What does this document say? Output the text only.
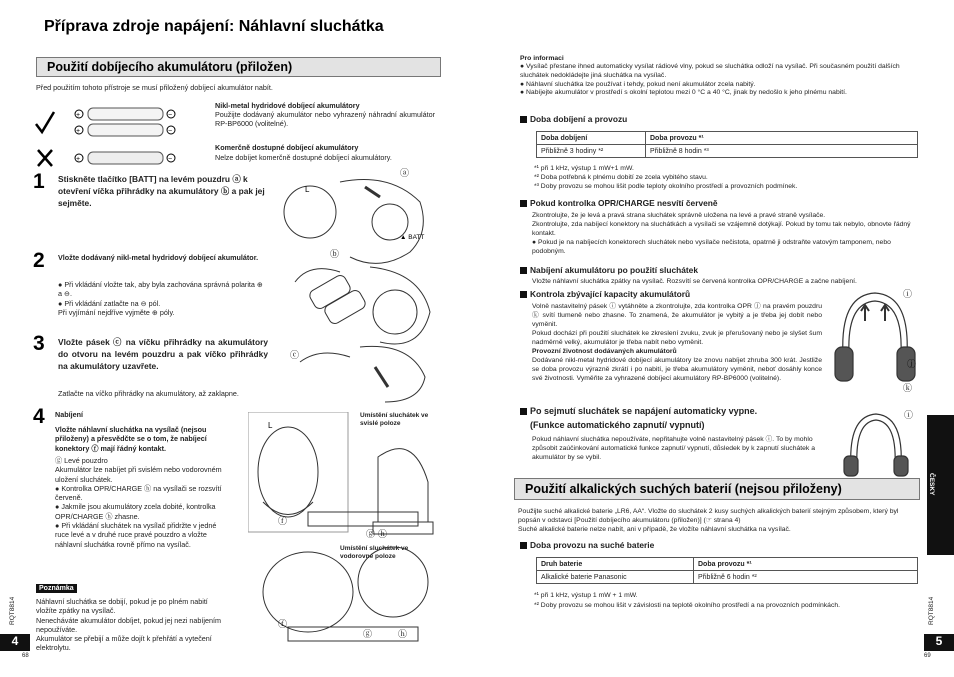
Příprava zdroje napájení: Náhlavní sluchátka
Použití dobíjecího akumulátoru (přiložen)
Před použitím tohoto přístroje se musí přiložený dobíjecí akumulátor nabít.
+
+
−
−
+	−
Nikl-metal hydridové dobíjecí akumulátory
Použijte dodávaný akumulátor nebo vyhrazený náhradní akumulátor RP-BP6000 (volitelné).
Komerčně dostupné dobíjecí akumulátory
Nelze dobíjet komerčně dostupné dobíjecí akumulátory.
1 Stiskněte tlačítko [BATT] na levém pouzdru ⓐ k otevření víčka přihrádky na akumulátory ⓑ a pak jej sejměte.
2 Vložte dodávaný nikl-metal hydridový dobíjecí akumulátor.
● Při vkládání vložte tak, aby byla zachována správná polarita ⊕ a ⊖.
● Při vkládání zatlačte na ⊖ pól.
Při vyjímání nejdříve vyjměte ⊕ póly.
3 Vložte pásek ⓒ na víčku přihrádky na akumulátory do otvoru na levém pouzdru a pak víčko přihrádky na akumulátory uzavřete.
Zatlačte na víčko přihrádky na akumulátory, až zaklapne.
L
ⓐ
▲ BATT
ⓑ
ⓒ
4 Nabíjení
Vložte náhlavní sluchátka na vysílač (nejsou přiloženy) a přesvědčte se o tom, že nabíjecí konektory ⓕ mají řádný kontakt.
ⓖ Levé pouzdro
Akumulátor lze nabíjet při svislém nebo vodorovném uložení sluchátek.
● Kontrolka OPR/CHARGE ⓗ na vysílači se rozsvítí červeně.
● Jakmile jsou akumulátory zcela dobité, kontrolka OPR/CHARGE ⓗ zhasne.
● Při vkládání sluchátek na vysílač přidržte v jedné ruce levé a v druhé ruce pravé pouzdro a vložte náhlavní sluchátka rovně přímo na vysílač.
Umístění sluchátek ve svislé poloze
Umístění sluchátek ve vodorovné poloze
L
ⓕ
ⓖ ⓗ
ⓕ
ⓖ	ⓗ
Poznámka
Náhlavní sluchátka se dobijí, pokud je po plném nabití vložíte zpátky na vysílač.
Nenecháváte akumulátor dobíjet, pokud jej nezi nabíjením nepoužíváte.
Akumulátor se přebijí a může dojít k přehřátí a vytečení elektrolytu.
4
68
RQT8814
Pro informaci
● Vysílač přestane ihned automaticky vysílat rádiové vlny, pokud se sluchátka odloží na vysílač. Při současném použití dalších sluchátek nedokládejte jiná sluchátka na vysílač.
● Náhlavní sluchátka lze používat i tehdy, pokud není akumulátor zcela nabitý.
● Nabíjejte akumulátor v prostředí s okolní teplotou mezi 0 °C a 40 °C, jinak by nedošlo k jeho plnému nabití.
Doba dobíjení a provozu
Doba dobíjení	Doba provozu *¹
Přibližně 3 hodiny *²	Přibližně 8 hodin *³
*¹ při 1 kHz, výstup 1 mW+1 mW.
*² Doba potřebná k plnému dobití ze zcela vybitého stavu.
*³ Doby provozu se mohou lišit podle teploty okolního prostředí a provozních podmínek.
Pokud kontrolka OPR/CHARGE nesvítí červeně
Zkontrolujte, že je levá a pravá strana sluchátek správně uložena na levé a pravé straně vysílače.
Zkontrolujte, zda nabíjecí konektory na sluchátkách a vysílači se vzájemně dotýkají. Pokud by tomu tak nebylo, obnovte řádný kontakt.
● Pokud je na nabíjecích konektorech sluchátek nebo vysílače nečistota, opatrně ji odstraňte vatovým tamponem, nebo podobným.
Nabíjení akumulátoru po použití sluchátek
Vložte náhlavní sluchátka zpátky na vysílač. Rozsvítí se červená kontrolka OPR/CHARGE a začne nabíjení.
Kontrola zbývající kapacity akumulátorů
Volně nastavitelný pásek ⓘ vytáhněte a zkontrolujte, zda kontrolka OPR ⓙ na pravém pouzdru ⓚ svítí tlumeně nebo zhasne. To znamená, že akumulátor je vybitý a je třeba jej dobít nebo vyměnit.
Pokud dochází při použití sluchátek ke zkreslení zvuku, zvuk je přerušovaný nebo je slyšet šum nadměrně velký, akumulátor je třeba nabít nebo vyměnit.
Provozní životnost dodávaných akumulátorů
Dodávané nikl-metal hydridové dobíjecí akumulátory lze znovu nabíjet zhruba 300 krát. Jestliže se doba provozu výrazně zkrátí i po nabití, je třeba akumulátory vyměnit, neboť dosáhly konce své životnosti. Vyměňte za vyhrazené dobíjecí akumulátory RP-BP6000 (volitelné).
ⓘ
ⓙ
ⓚ
Po sejmutí sluchátek se napájení automaticky vypne.
(Funkce automatického zapnutí/ vypnutí)
Pokud náhlavní sluchátka nepoužíváte, nepřitahujte volně nastavitelný pásek ⓘ. To by mohlo způsobit zaúčinkování automatické funkce zapnutí/ vypnutí, důsledek by k zapnutí sluchátek a akumulátor by se vybil.
ⓘ
Použití alkalických suchých baterií (nejsou přiloženy)
Použijte suché alkalické baterie „LR6, AA“. Vložte do sluchátek 2 kusy suchých alkalických baterií stejným způsobem, který byl popsán v odstavci [Použití dobíjecího akumulátoru (přiložen)] (☞ strana 4)
Suché alkalické baterie nelze nabít, ani v případě, že vložíte náhlavní sluchátka na vysílač.
Doba provozu na suché baterie
Druh baterie	Doba provozu *¹
Alkalické baterie Panasonic	Přibližně 6 hodin *²
*¹ při 1 kHz, výstup 1 mW + 1 mW.
*² Doby provozu se mohou lišit v závislosti na teplotě okolního prostředí a na provozních podmínkách.
ČESKY
5
69
RQT8814
